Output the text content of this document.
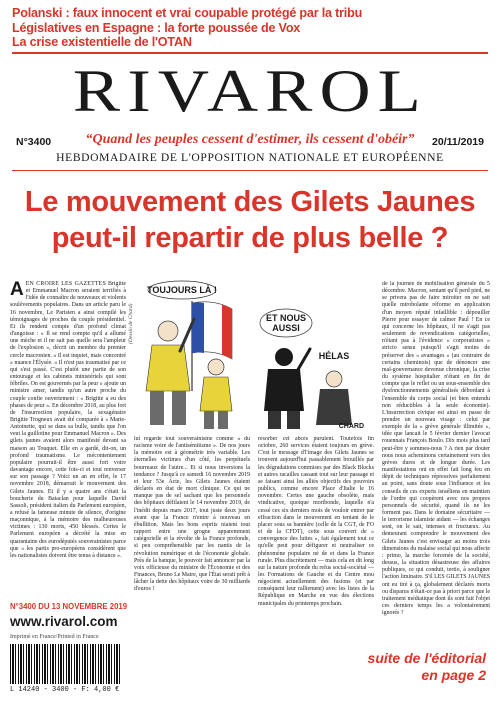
Polanski : faux innocent et vrai coupable protégé par la tribu
Législatives en Espagne : la forte poussée de Vox
La crise existentielle de l'OTAN
RIVAROL
N°3400	“Quand les peuples cessent d'estimer, ils cessent d'obéir”	20/11/2019
HEBDOMADAIRE DE L'OPPOSITION NATIONALE ET EUROPÉENNE
Le mouvement des Gilets Jaunes
peut-il repartir de plus belle ?
A EN CROIRE LES GAZETTES Brigitte et Emmanuel Macron seraient terrifiés à l'idée de connaître de nouveaux et violents soulèvements populaires. Dans un article paru le 16 novembre, Le Parisien a ainsi compilé les témoignages de proches du couple présidentiel. Et ils rendent compte d'un profond climat d'angoisse : « Il se rend compte qu'il a allumé une mèche et il ne sait pas quelle sera l'ampleur de l'explosion », décrit un membre du premier cercle macronien. « Il est inquiet, mais concentré » nuance l'Élysée. « Il n'est pas traumatisé par ce qui s'est passé. C'est plutôt une partie de son entourage et les cabinets ministériels qui sont fébriles. On est gouvernés par la peur » ajoute un ministre amer, tandis qu'un autre proche du couple confie ouvertement : « Brigitte a eu des phases de peur ». En décembre 2018, au plus fort de l'insurrection populaire, la sexagénaire Brigitte Trogneux avait été comparée à « Marie-Antoinette, qui se dans sa bulle, tandis que l'on veut la guillotine pour Emmanuel Macron ». Des gilets jaunes avaient alors manifesté devant sa maison au Touquet. Elle en a gardé, dit-on, un profond traumatisme. Le mécontentement populaire pourrait-il être aussi fort voire davantage encore, cette fois-ci et tout renverser sur son passage ? Voici un an en effet, le 17 novembre 2018, démarrait le mouvement des Gilets Jaunes. Et il y a quatre ans c'était la boucherie du Bataclan pour laquelle David Sassoli, président italien du Parlement européen, a refusé la fameuse minute de silence, d'origine maçonnique, à la mémoire des malheureuses victimes : 130 morts, 450 blessés. Certes le Parlement européen a décrété la mise en quarantaine des eurodéputés souverainistes parce que « les partis pro-européens considèrent que les nationalistes doivent être tenus à distance ».
TOUJOURS LÀ !
ET NOUS
AUSSI
HÉLAS
CHARD
(Dessin de Chard)
lui regarde tout souverainisme comme « du racisme voire de l'antisémitisme ». De nos jours la mémoire est à géométrie très variable. Les éternelles victimes d'un côté, les perpétuels bourreaux de l'autre... Et si nous inversions la tendance ? Jusqu'à ce samedi 16 novembre 2019 et leur 53e Acte, les Gilets Jaunes étaient déclarés en état de mort clinique. Ce qui ne manque pas de sel sachant que les personnels des hôpitaux défilaient le 14 novembre 2019, de l'inédit depuis mars 2017, tout juste deux jours avant que la France n'entre à nouveau en ébullition. Mais les bons esprits niaient tout rapport entre une grogne apparemment catégorielle et la révolte de la France profonde, si peu compréhensible par les nantis de la révolution numérique et de l'économie globale. Près de la banque, le pouvoir fait annoncer par la voix officieuse du ministre de l'Économie et des Finances, Bruno Le Maire, que l'État serait prêt à lâcher la dette des hôpitaux voire de 30 milliards d'euros !
résorber cet abcès purulent. Toutefois fin octobre, 260 services étaient toujours en grève. C'est le message d'l'image des Gilets Jaunes se trouvent aujourd'hui passablement brouillés par les dégradations commises par des Black Blocks et autres racailles cassant tout sur leur passage et se faisant ainsi les alliés objectifs des pouvoirs publics, comme encore Place d'Italie le 16 novembre. Certes une gauche obsolète, mais vindicative, quoique moribonde, laquelle n'a cessé ces six derniers mois de vouloir entrer par effraction dans le mouvement en tentant de le placer sous sa bannière (celle de la CGT, de FO et de la CFDT), cette sous couvert de « convergence des luttes », fait également tout ce qu'elle peut pour défigurer et neutraliser ce phénomène populaire né de et dans la France rurale. Plus discrètement — mais cela en dit long sur la nature profonde du refus social-sociétal — les Formations de Gauche et du Centre mou négocient actuellement des fusions (et par conséquent leur ralliement) avec les listes de la République en Marche en vue des élections municipales du printemps prochain.
de la journée de mobilisation générale du 5 décembre. Macron, sentant qu'il perd pied, ne se privera pas de faire miroiter on ne sait quelle mirobolante réforme en application d'un moyen réputé infaillible : dépouiller Pierre pour essayer de calmer Paul ! En ce qui concerne les hôpitaux, il ne s'agit pas seulement de revendications catégorielles, n'étant pas à l'évidence « corporatistes » stricto sensu puisqu'il s'agit moins de préserver des « avantages » (au contraire de certains cheminots) que de dénoncer une mal-gouvernance devenue chronique, la crise du système hospitalier n'étant en fin de compte que le reflet ou un sous-ensemble des dysfonctionnements généralisés débordant à l'ensemble du corps social (et bien entendu non réductibles à la seule économie). L'insurrection civique est ainsi en passe de prendre un nouveau visage : celui par exemple de la « grève générale illimitée », idée que lancait le 5 février dernier l'avocat rouennais François Boulo. Dix mois plus tard peut-être y sommes-nous ? A rien par douter nous nous acheminons certainement vers des grèves dures et de longue durée. Les manifestations ont en effet fait long feu en dépit de techniques répressives parfaitement au point, sans doute sous l'influence et les conseils de ces experts israéliens en maintien de l'ordre qui coopèrent avec nos propres personnels de sécurité, quand ils ne les forment pas. Dans le domaine sécuritaire — le terrorisme islamiste aidant — les échanges sont, on le sait, intenses et fructueux. Au demeurant comprendre le mouvement des Gilets Jaunes c'est envisager au moins trois dimensions du malaise social qui nous affecte : primo, la marche forcenée de la société, dessus, la situation désastreuse des affaires publiques, ce qui conduit, tertio, à souligner l'action liminaire. S'il LES GILETS JAUNES ont eu tiré à ça, globalement déclarés morts ou disparus n'était-ce pas à priori parce que le traitement médiatique dont ils sont fait l'objet ces derniers temps les a volontairement ignorés ?
N°3400 DU 13 NOVEMBRE 2019
www.rivarol.com
Imprimé en France/Printed in France
L 14240 - 3400 - F: 4,00 €
suite de l'éditorial
en page 2
